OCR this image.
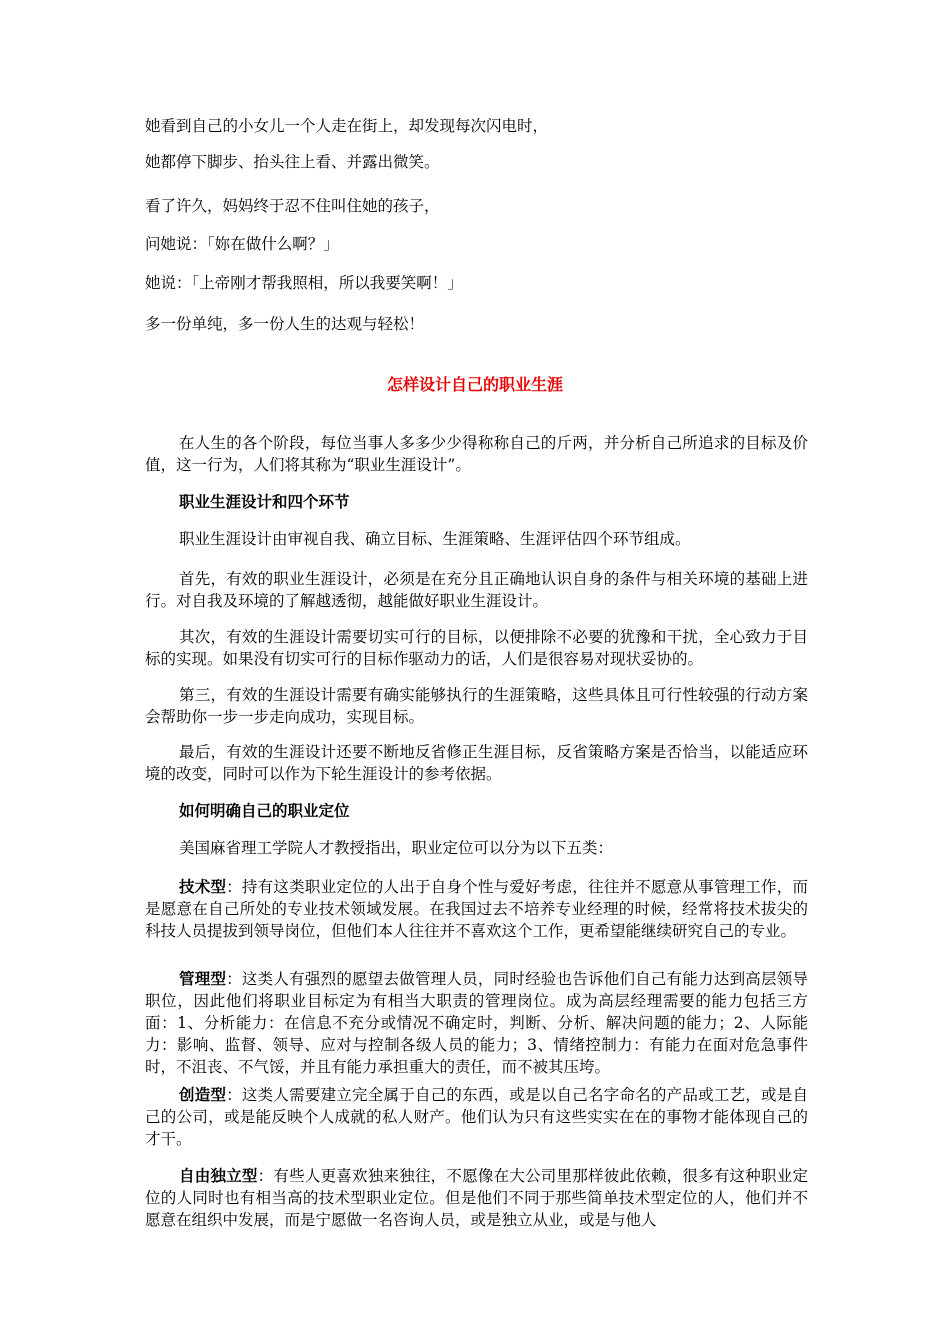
她看到自己的小女儿一个人走在街上，却发现每次闪电时，
她都停下脚步、抬头往上看、并露出微笑。
看了许久，妈妈终于忍不住叫住她的孩子，
问她说：「妳在做什么啊？」
她说：「上帝刚才帮我照相，所以我要笑啊！」
多一份单纯，多一份人生的达观与轻松！
怎样设计自己的职业生涯
在人生的各个阶段，每位当事人多多少少得称称自己的斤两，并分析自己所追求的目标及价值，这一行为，人们将其称为“职业生涯设计”。
职业生涯设计和四个环节
职业生涯设计由审视自我、确立目标、生涯策略、生涯评估四个环节组成。
首先，有效的职业生涯设计，必须是在充分且正确地认识自身的条件与相关环境的基础上进行。对自我及环境的了解越透彻，越能做好职业生涯设计。
其次，有效的生涯设计需要切实可行的目标，以便排除不必要的犹豫和干扰，全心致力于目标的实现。如果没有切实可行的目标作驱动力的话，人们是很容易对现状妥协的。
第三，有效的生涯设计需要有确实能够执行的生涯策略，这些具体且可行性较强的行动方案会帮助你一步一步走向成功，实现目标。
最后，有效的生涯设计还要不断地反省修正生涯目标，反省策略方案是否恰当，以能适应环境的改变，同时可以作为下轮生涯设计的参考依据。
如何明确自己的职业定位
美国麻省理工学院人才教授指出，职业定位可以分为以下五类：
技术型：持有这类职业定位的人出于自身个性与爱好考虑，往往并不愿意从事管理工作，而是愿意在自己所处的专业技术领域发展。在我国过去不培养专业经理的时候，经常将技术拔尖的科技人员提拔到领导岗位，但他们本人往往并不喜欢这个工作，更希望能继续研究自己的专业。
管理型：这类人有强烈的愿望去做管理人员，同时经验也告诉他们自己有能力达到高层领导职位，因此他们将职业目标定为有相当大职责的管理岗位。成为高层经理需要的能力包括三方面：1、分析能力：在信息不充分或情况不确定时，判断、分析、解决问题的能力；2、人际能力：影响、监督、领导、应对与控制各级人员的能力；3、情绪控制力：有能力在面对危急事件时，不沮丧、不气馁，并且有能力承担重大的责任，而不被其压垮。
创造型：这类人需要建立完全属于自己的东西，或是以自己名字命名的产品或工艺，或是自己的公司，或是能反映个人成就的私人财产。他们认为只有这些实实在在的事物才能体现自己的才干。
自由独立型：有些人更喜欢独来独往，不愿像在大公司里那样彼此依赖，很多有这种职业定位的人同时也有相当高的技术型职业定位。但是他们不同于那些简单技术型定位的人，他们并不愿意在组织中发展，而是宁愿做一名咨询人员，或是独立从业，或是与他人
